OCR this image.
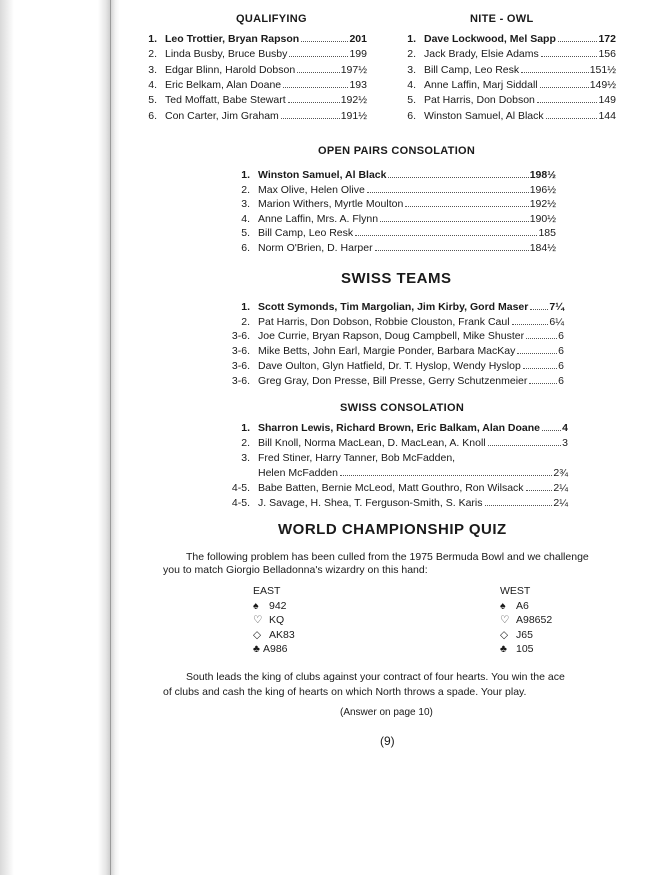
QUALIFYING
1. Leo Trottier, Bryan Rapson	201
2. Linda Busby, Bruce Busby	199
3. Edgar Blinn, Harold Dobson	197½
4. Eric Belkam, Alan Doane	193
5. Ted Moffatt, Babe Stewart	192½
6. Con Carter, Jim Graham	191½
NITE - OWL
1. Dave Lockwood, Mel Sapp	172
2. Jack Brady, Elsie Adams	156
3. Bill Camp, Leo Resk	151½
4. Anne Laffin, Marj Siddall	149½
5. Pat Harris, Don Dobson	149
6. Winston Samuel, Al Black	144
OPEN PAIRS CONSOLATION
1. Winston Samuel, Al Black	198½
2. Max Olive, Helen Olive	196½
3. Marion Withers, Myrtle Moulton	192½
4. Anne Laffin, Mrs. A. Flynn	190½
5. Bill Camp, Leo Resk	185
6. Norm O'Brien, D. Harper	184½
SWISS TEAMS
1. Scott Symonds, Tim Margolian, Jim Kirby, Gord Maser 7¼
2. Pat Harris, Don Dobson, Robbie Clouston, Frank Caul	6¼
3-6. Joe Currie, Bryan Rapson, Doug Campbell, Mike Shuster	6
3-6. Mike Betts, John Earl, Margie Ponder, Barbara MacKay	6
3-6. Dave Oulton, Glyn Hatfield, Dr. T. Hyslop, Wendy Hyslop	6
3-6. Greg Gray, Don Presse, Bill Presse, Gerry Schutzenmeier	6
SWISS CONSOLATION
1. Sharron Lewis, Richard Brown, Eric Balkam, Alan Doane 4
2. Bill Knoll, Norma MacLean, D. MacLean, A. Knoll	3
3. Fred Stiner, Harry Tanner, Bob McFadden,
Helen McFadden	2¾
4-5. Babe Batten, Bernie McLeod, Matt Gouthro, Ron Wilsack	2¼
4-5. J. Savage, H. Shea, T. Ferguson-Smith, S. Karis	2¼
WORLD CHAMPIONSHIP QUIZ
The following problem has been culled from the 1975 Bermuda Bowl and we challenge
you to match Giorgio Belladonna's wizardry on this hand:
EAST
♠ 942
♡ KQ
◇ AK83
♣ A986
WEST
♠ A6
♡ A98652
◇ J65
♣ 105
South leads the king of clubs against your contract of four hearts. You win the ace
of clubs and cash the king of hearts on which North throws a spade. Your play.
(Answer on page 10)
(9)
